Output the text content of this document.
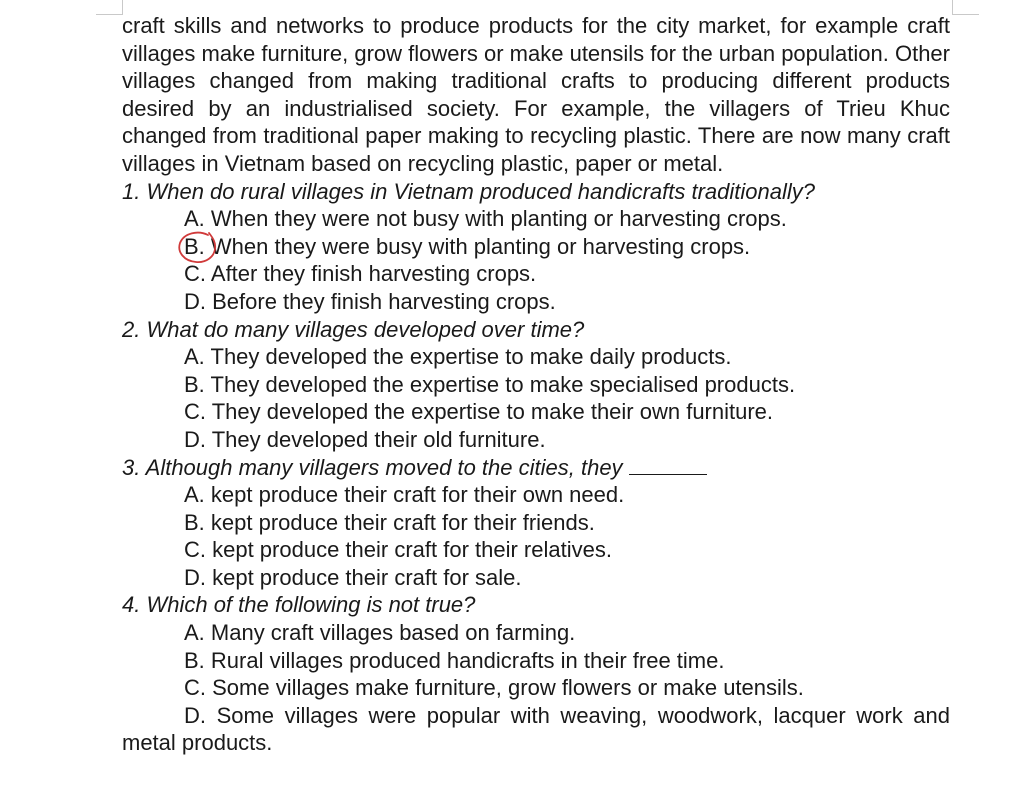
craft skills and networks to produce products for the city market, for example craft villages make furniture, grow flowers or make utensils for the urban population. Other villages changed from making traditional crafts to producing different products desired by an industrialised society. For example, the villagers of Trieu Khuc changed from traditional paper making to recycling plastic. There are now many craft villages in Vietnam based on recycling plastic, paper or metal.

1. When do rural villages in Vietnam produced handicrafts traditionally?

A. When they were not busy with planting or harvesting crops.

B. When they were busy with planting or harvesting crops.

C. After they finish harvesting crops.

D. Before they finish harvesting crops.

2. What do many villages developed over time?

A. They developed the expertise to make daily products.

B. They developed the expertise to make specialised products.

C. They developed the expertise to make their own furniture.

D. They developed their old furniture.

3. Although many villagers moved to the cities, they

A. kept produce their craft for their own need.

B. kept produce their craft for their friends.

C. kept produce their craft for their relatives.

D. kept produce their craft for sale.

4. Which of the following is not true?

A. Many craft villages based on farming.

B. Rural villages produced handicrafts in their free time.

C. Some villages make furniture, grow flowers or make utensils.

D. Some villages were popular with weaving, woodwork, lacquer work and metal products.
